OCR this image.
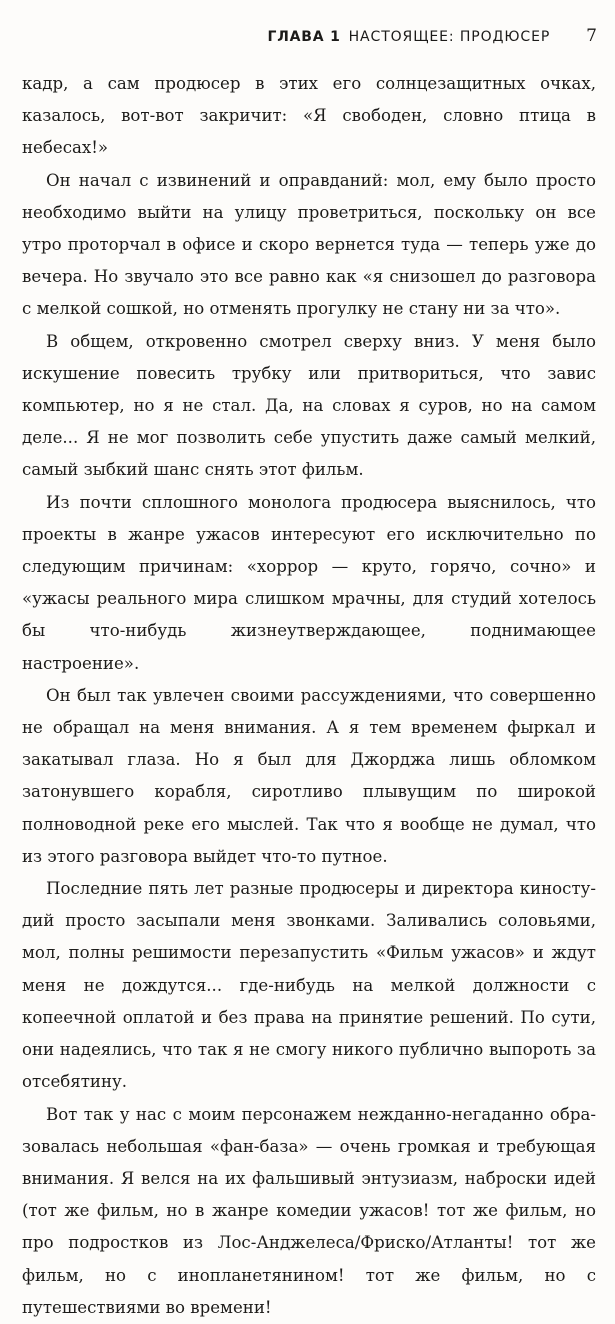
ГЛАВА 1 НАСТОЯЩЕЕ: ПРОДЮСЕР 7

кадр, а сам продюсер в этих его солнцезащитных очках, казалось, вот-вот закричит: «Я свободен, словно птица в небесах!»

Он начал с извинений и оправданий: мол, ему было просто необходимо выйти на улицу проветриться, поскольку он все утро проторчал в офисе и скоро вернется туда — теперь уже до вечера. Но звучало это все равно как «я снизошел до разговора с мелкой сошкой, но отменять прогулку не стану ни за что».

В общем, откровенно смотрел сверху вниз. У меня было искушение повесить трубку или притвориться, что завис компьютер, но я не стал. Да, на словах я суров, но на самом деле... Я не мог позволить себе упустить даже самый мелкий, самый зыбкий шанс снять этот фильм.

Из почти сплошного монолога продюсера выяснилось, что проекты в жанре ужасов интересуют его исключительно по следующим причинам: «хоррор — круто, горячо, сочно» и «ужасы реального мира слишком мрачны, для студий хотелось бы что-нибудь жизнеутверждающее, поднимающее настроение».

Он был так увлечен своими рассуждениями, что совершенно не обращал на меня внимания. А я тем временем фыркал и закатывал глаза. Но я был для Джорджа лишь обломком затонувшего корабля, сиротливо плывущим по широкой полноводной реке его мыслей. Так что я вообще не думал, что из этого разговора выйдет что-то путное.

Последние пять лет разные продюсеры и директора киностудий просто засыпали меня звонками. Заливались соловьями, мол, полны решимости перезапустить «Фильм ужасов» и ждут меня не дождутся... где-нибудь на мелкой должности с копеечной оплатой и без права на принятие решений. По сути, они надеялись, что так я не смогу никого публично выпороть за отсебятину.

Вот так у нас с моим персонажем нежданно-негаданно образовалась небольшая «фан-база» — очень громкая и требующая внимания. Я велся на их фальшивый энтузиазм, наброски идей (тот же фильм, но в жанре комедии ужасов! тот же фильм, но про подростков из Лос-Анджелеса/Фриско/Атланты! тот же фильм, но с инопланетянином! тот же фильм, но с путешествиями во времени!
